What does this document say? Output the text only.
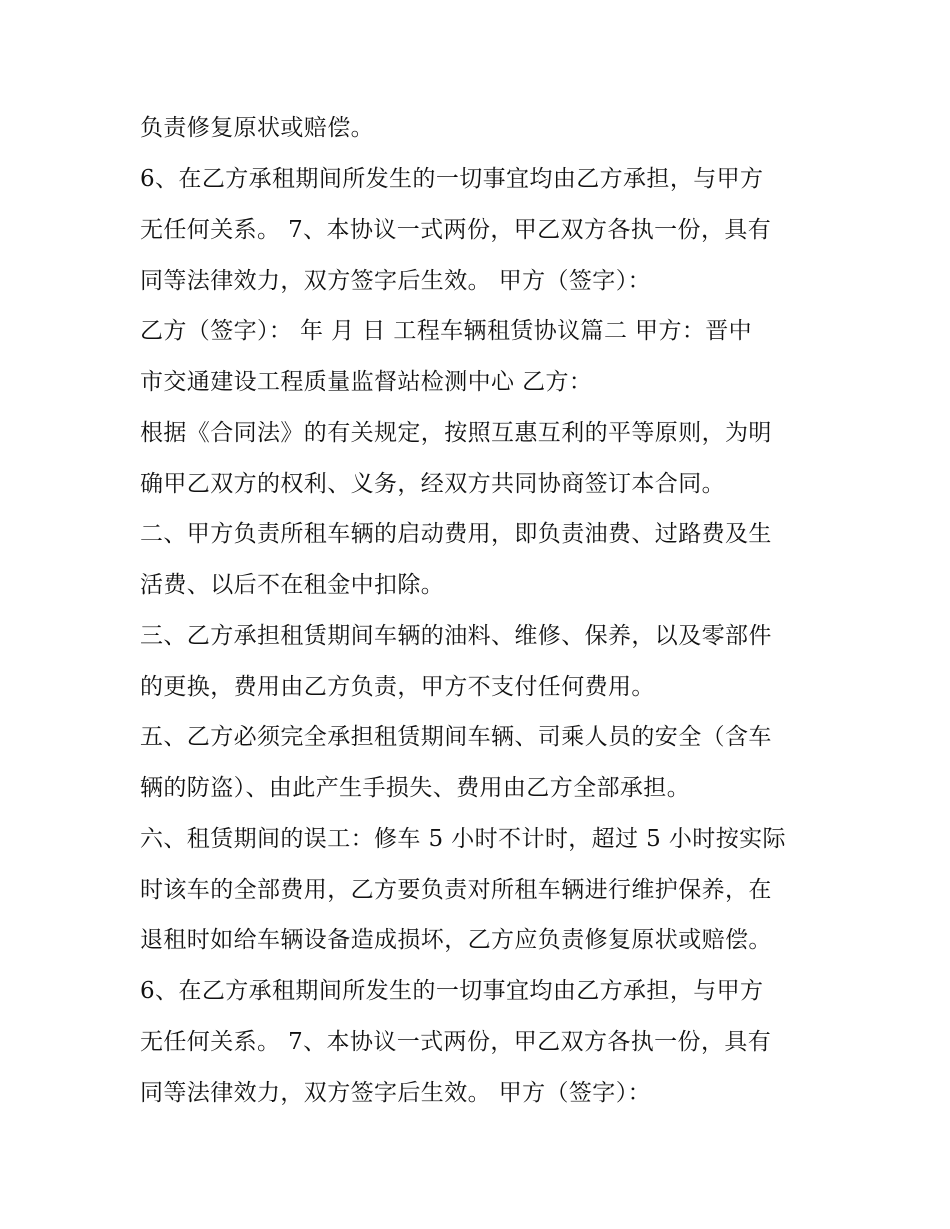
负责修复原状或赔偿。
6、在乙方承租期间所发生的一切事宜均由乙方承担，与甲方
无任何关系。 7、本协议一式两份，甲乙双方各执一份，具有
同等法律效力，双方签字后生效。 甲方（签字）：
乙方（签字）： 年 月 日 工程车辆租赁协议篇二 甲方：晋中
市交通建设工程质量监督站检测中心 乙方：
根据《合同法》的有关规定，按照互惠互利的平等原则，为明
确甲乙双方的权利、义务，经双方共同协商签订本合同。
二、甲方负责所租车辆的启动费用，即负责油费、过路费及生
活费、以后不在租金中扣除。
三、乙方承担租赁期间车辆的油料、维修、保养，以及零部件
的更换，费用由乙方负责，甲方不支付任何费用。
五、乙方必须完全承担租赁期间车辆、司乘人员的安全（含车
辆的防盗）、由此产生手损失、费用由乙方全部承担。
六、租赁期间的误工：修车 5 小时不计时，超过 5 小时按实际
时该车的全部费用，乙方要负责对所租车辆进行维护保养，在
退租时如给车辆设备造成损坏，乙方应负责修复原状或赔偿。
6、在乙方承租期间所发生的一切事宜均由乙方承担，与甲方
无任何关系。 7、本协议一式两份，甲乙双方各执一份，具有
同等法律效力，双方签字后生效。 甲方（签字）：
